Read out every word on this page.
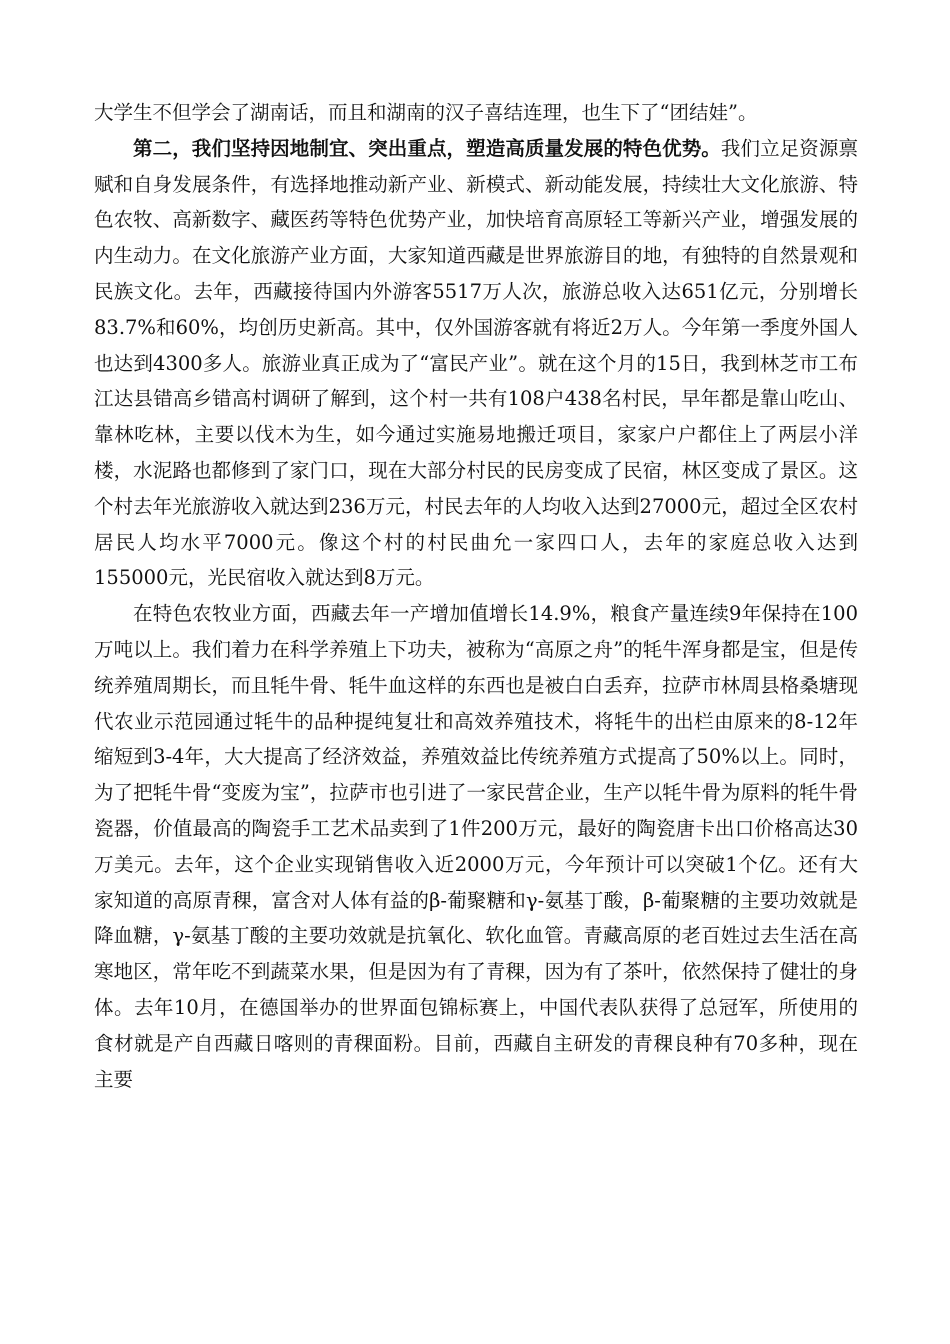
大学生不但学会了湖南话，而且和湖南的汉子喜结连理，也生下了“团结娃”。

第二，我们坚持因地制宜、突出重点，塑造高质量发展的特色优势。我们立足资源禀赋和自身发展条件，有选择地推动新产业、新模式、新动能发展，持续壮大文化旅游、特色农牧、高新数字、藏医药等特色优势产业，加快培育高原轻工等新兴产业，增强发展的内生动力。在文化旅游产业方面，大家知道西藏是世界旅游目的地，有独特的自然景观和民族文化。去年，西藏接待国内外游客5517万人次，旅游总收入达651亿元，分别增长83.7%和60%，均创历史新高。其中，仅外国游客就有将近2万人。今年第一季度外国人也达到4300多人。旅游业真正成为了“富民产业”。就在这个月的15日，我到林芝市工布江达县错高乡错高村调研了解到，这个村一共有108户438名村民，早年都是靠山吃山、靠林吃林，主要以伐木为生，如今通过实施易地搬迁项目，家家户户都住上了两层小洋楼，水泥路也都修到了家门口，现在大部分村民的民房变成了民宿，林区变成了景区。这个村去年光旅游收入就达到236万元，村民去年的人均收入达到27000元，超过全区农村居民人均水平7000元。像这个村的村民曲允一家四口人，去年的家庭总收入达到155000元，光民宿收入就达到8万元。

在特色农牧业方面，西藏去年一产增加值增长14.9%，粮食产量连续9年保持在100万吨以上。我们着力在科学养殖上下功夫，被称为“高原之舟”的牦牛浑身都是宝，但是传统养殖周期长，而且牦牛骨、牦牛血这样的东西也是被白白丢弃，拉萨市林周县格桑塘现代农业示范园通过牦牛的品种提纯复壮和高效养殖技术，将牦牛的出栏由原来的8-12年缩短到3-4年，大大提高了经济效益，养殖效益比传统养殖方式提高了50%以上。同时，为了把牦牛骨“变废为宝”，拉萨市也引进了一家民营企业，生产以牦牛骨为原料的牦牛骨瓷器，价值最高的陶瓷手工艺术品卖到了1件200万元，最好的陶瓷唐卡出口价格高达30万美元。去年，这个企业实现销售收入近2000万元，今年预计可以突破1个亿。还有大家知道的高原青稞，富含对人体有益的β-葡聚糖和γ-氨基丁酸，β-葡聚糖的主要功效就是降血糖，γ-氨基丁酸的主要功效就是抗氧化、软化血管。青藏高原的老百姓过去生活在高寒地区，常年吃不到蔬菜水果，但是因为有了青稞，因为有了茶叶，依然保持了健壮的身体。去年10月，在德国举办的世界面包锦标赛上，中国代表队获得了总冠军，所使用的食材就是产自西藏日喀则的青稞面粉。目前，西藏自主研发的青稞良种有70多种，现在主要
